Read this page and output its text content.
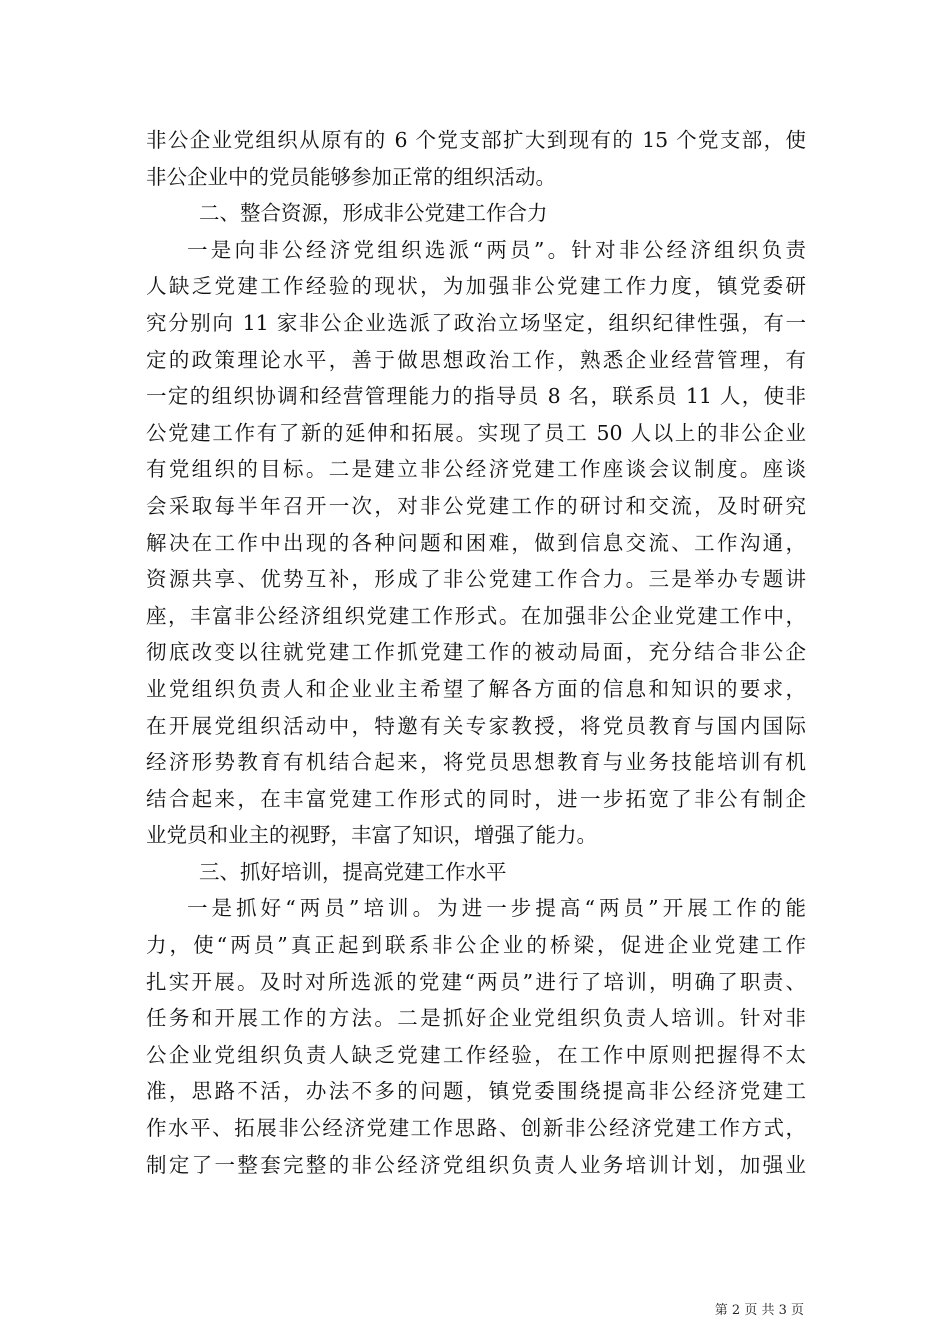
非公企业党组织从原有的 6 个党支部扩大到现有的 15 个党支部，使
非公企业中的党员能够参加正常的组织活动。
二、整合资源，形成非公党建工作合力
一是向非公经济党组织选派“两员”。针对非公经济组织负责
人缺乏党建工作经验的现状，为加强非公党建工作力度，镇党委研
究分别向 11 家非公企业选派了政治立场坚定，组织纪律性强，有一
定的政策理论水平，善于做思想政治工作，熟悉企业经营管理，有
一定的组织协调和经营管理能力的指导员 8 名，联系员 11 人，使非
公党建工作有了新的延伸和拓展。实现了员工 50 人以上的非公企业
有党组织的目标。二是建立非公经济党建工作座谈会议制度。座谈
会采取每半年召开一次，对非公党建工作的研讨和交流，及时研究
解决在工作中出现的各种问题和困难，做到信息交流、工作沟通，
资源共享、优势互补，形成了非公党建工作合力。三是举办专题讲
座，丰富非公经济组织党建工作形式。在加强非公企业党建工作中，
彻底改变以往就党建工作抓党建工作的被动局面，充分结合非公企
业党组织负责人和企业业主希望了解各方面的信息和知识的要求，
在开展党组织活动中，特邀有关专家教授，将党员教育与国内国际
经济形势教育有机结合起来，将党员思想教育与业务技能培训有机
结合起来，在丰富党建工作形式的同时，进一步拓宽了非公有制企
业党员和业主的视野，丰富了知识，增强了能力。
三、抓好培训，提高党建工作水平
一是抓好“两员”培训。为进一步提高“两员”开展工作的能
力，使“两员”真正起到联系非公企业的桥梁，促进企业党建工作
扎实开展。及时对所选派的党建“两员”进行了培训，明确了职责、
任务和开展工作的方法。二是抓好企业党组织负责人培训。针对非
公企业党组织负责人缺乏党建工作经验，在工作中原则把握得不太
准，思路不活，办法不多的问题，镇党委围绕提高非公经济党建工
作水平、拓展非公经济党建工作思路、创新非公经济党建工作方式，
制定了一整套完整的非公经济党组织负责人业务培训计划，加强业
第 2 页 共 3 页
